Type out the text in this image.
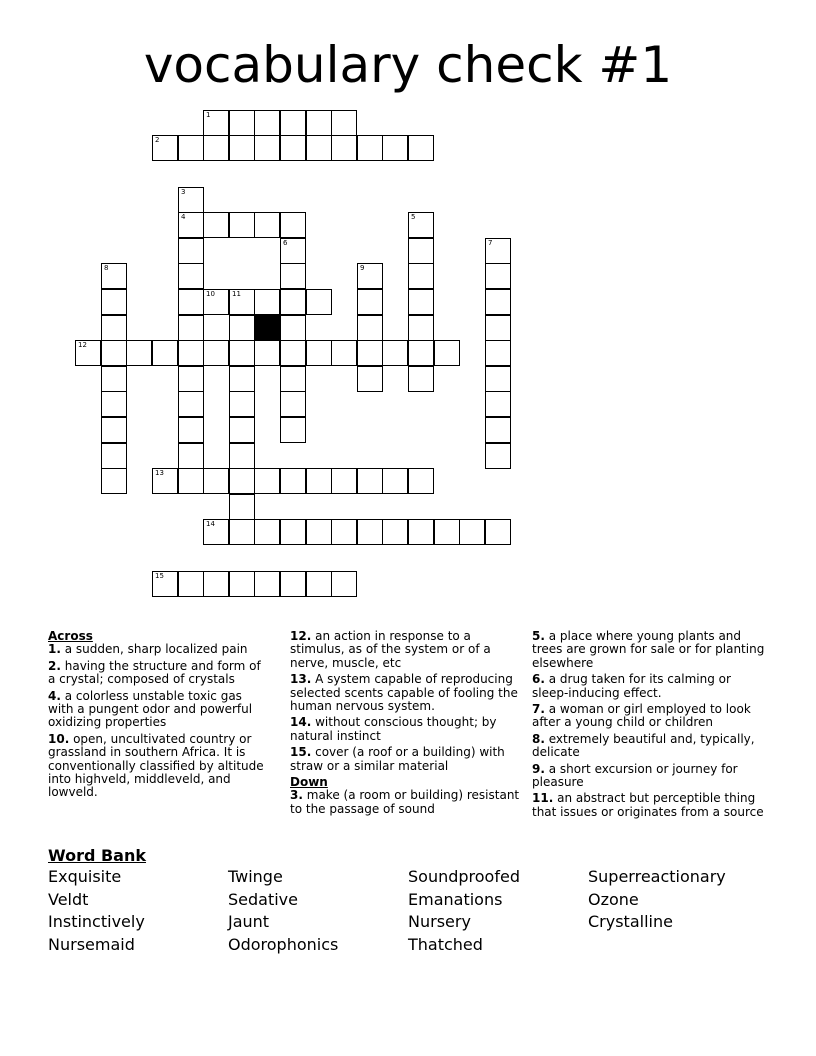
vocabulary check #1
1
2
3
4	5
6	7
8	9
10 11
12
13
14
15
Across
1. a sudden, sharp localized pain
2. having the structure and form of a crystal; composed of crystals
4. a colorless unstable toxic gas with a pungent odor and powerful oxidizing properties
10. open, uncultivated country or grassland in southern Africa. It is conventionally classified by altitude into highveld, middleveld, and lowveld.
12. an action in response to a stimulus, as of the system or of a nerve, muscle, etc
13. A system capable of reproducing selected scents capable of fooling the human nervous system.
14. without conscious thought; by natural instinct
15. cover (a roof or a building) with straw or a similar material
Down
3. make (a room or building) resistant to the passage of sound
5. a place where young plants and trees are grown for sale or for planting elsewhere
6. a drug taken for its calming or sleep-inducing effect.
7. a woman or girl employed to look after a young child or children
8. extremely beautiful and, typically, delicate
9. a short excursion or journey for pleasure
11. an abstract but perceptible thing that issues or originates from a source
Word Bank
Exquisite	Twinge	Soundproofed	Superreactionary
Veldt	Sedative	Emanations	Ozone
Instinctively	Jaunt	Nursery	Crystalline
Nursemaid	Odorophonics	Thatched
